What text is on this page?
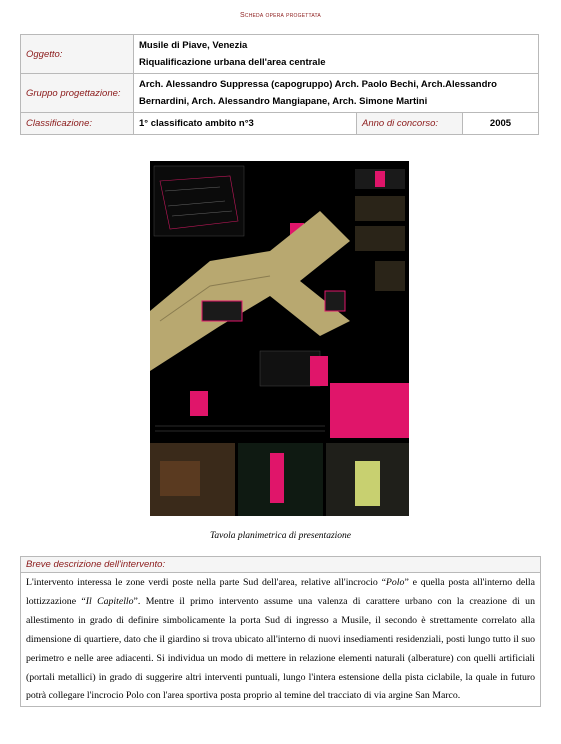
Scheda opera progettata
Oggetto:	Musile di Piave, Venezia
Riqualificazione urbana dell'area centrale		

Gruppo progettazione:	Arch. Alessandro Suppressa (capogruppo) Arch. Paolo Bechi, Arch.Alessandro Bernardini, Arch. Alessandro Mangiapane, Arch. Simone Martini		
Classificazione:	1° classificato ambito n°3	Anno di concorso:	2005
Tavola planimetrica di presentazione
Breve descrizione dell'intervento:
L'intervento interessa le zone verdi poste nella parte Sud dell'area, relative all'incrocio “Polo” e quella posta all'interno della lottizzazione “Il Capitello”. Mentre il primo intervento assume una valenza di carattere urbano con la creazione di un allestimento in grado di definire simbolicamente la porta Sud di ingresso a Musile, il secondo è strettamente correlato alla dimensione di quartiere, dato che il giardino si trova ubicato all'interno di nuovi insediamenti residenziali, posti lungo tutto il suo perimetro e nelle aree adiacenti. Si individua un modo di mettere in relazione elementi naturali (alberature) con quelli artificiali (portali metallici) in grado di suggerire altri interventi puntuali, lungo l'intera estensione della pista ciclabile, la quale in futuro potrà collegare l'incrocio Polo con l'area sportiva posta proprio al temine del tracciato di via argine San Marco.
